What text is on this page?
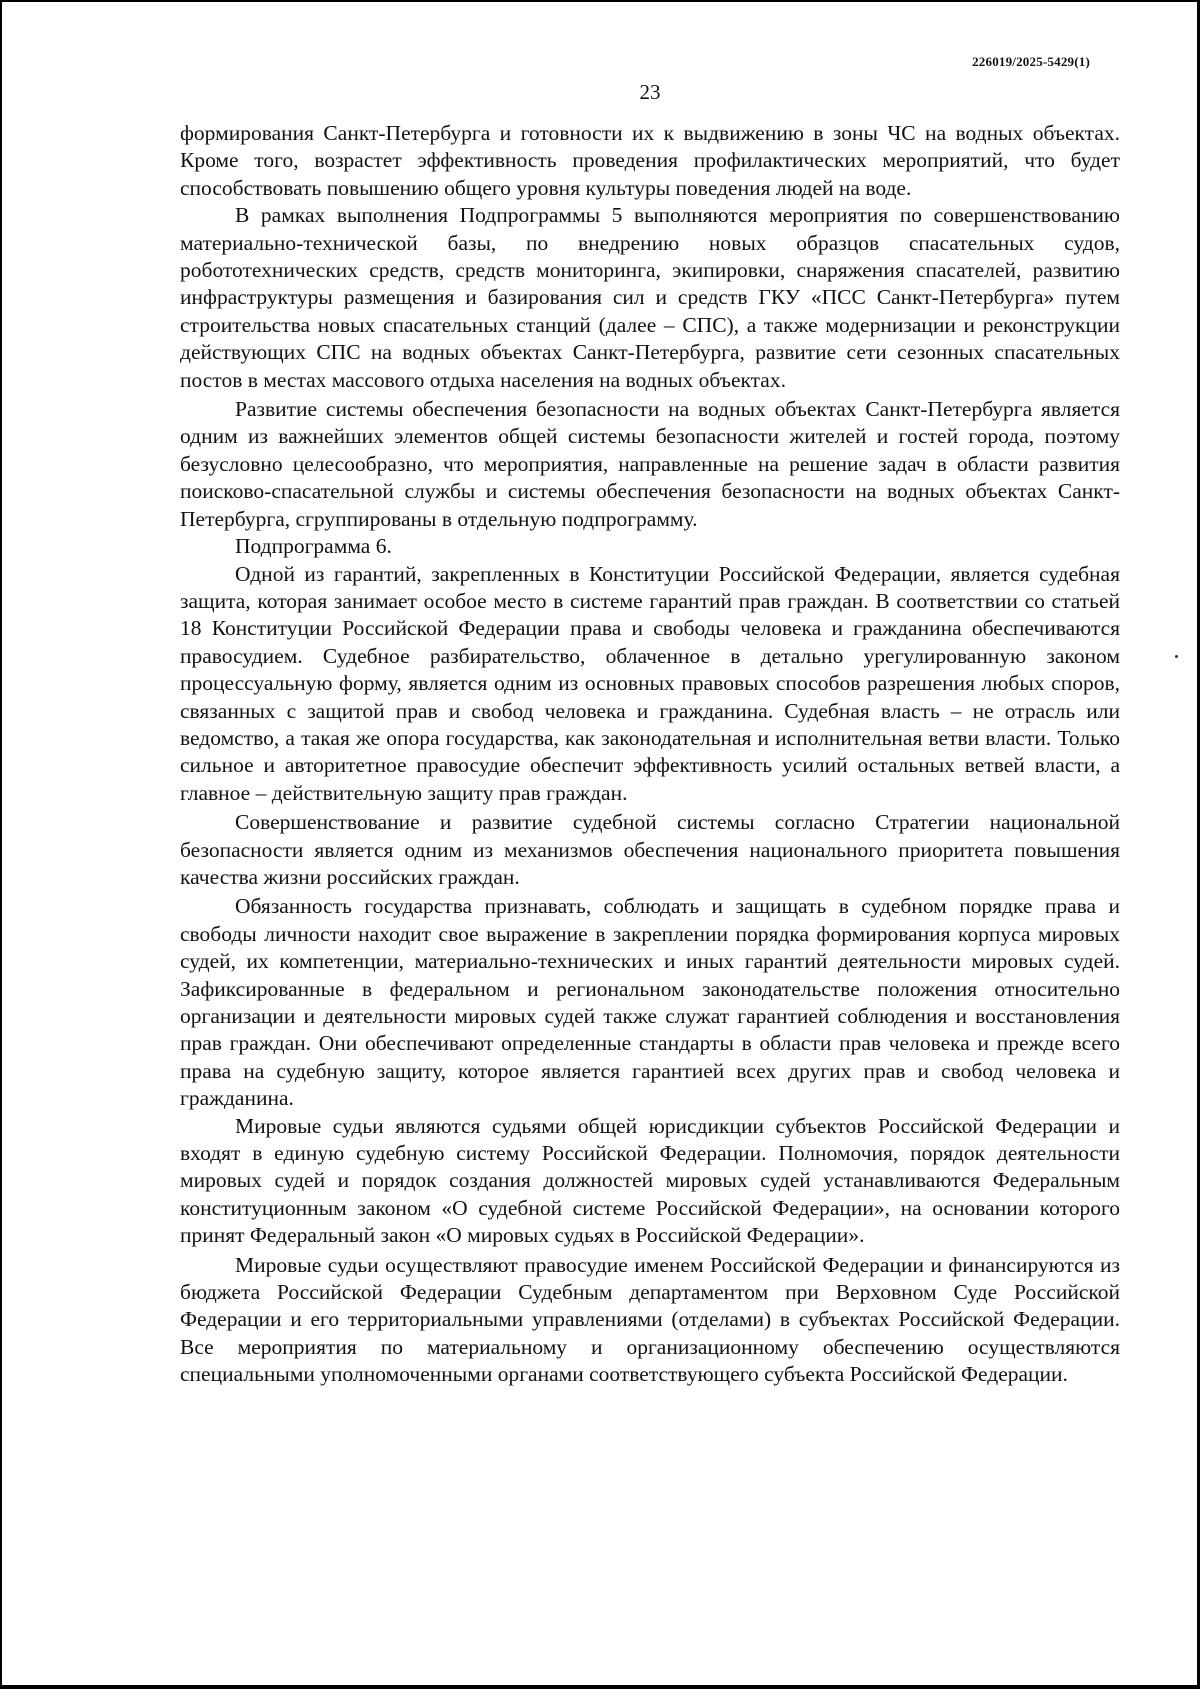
226019/2025-5429(1)
23

формирования Санкт-Петербурга и готовности их к выдвижению в зоны ЧС на водных объектах. Кроме того, возрастет эффективность проведения профилактических мероприятий, что будет способствовать повышению общего уровня культуры поведения людей на воде.

В рамках выполнения Подпрограммы 5 выполняются мероприятия по совершенствованию материально-технической базы, по внедрению новых образцов спасательных судов, робототехнических средств, средств мониторинга, экипировки, снаряжения спасателей, развитию инфраструктуры размещения и базирования сил и средств ГКУ «ПСС Санкт-Петербурга» путем строительства новых спасательных станций (далее – СПС), а также модернизации и реконструкции действующих СПС на водных объектах Санкт-Петербурга, развитие сети сезонных спасательных постов в местах массового отдыха населения на водных объектах.

Развитие системы обеспечения безопасности на водных объектах Санкт-Петербурга является одним из важнейших элементов общей системы безопасности жителей и гостей города, поэтому безусловно целесообразно, что мероприятия, направленные на решение задач в области развития поисково-спасательной службы и системы обеспечения безопасности на водных объектах Санкт-Петербурга, сгруппированы в отдельную подпрограмму.

Подпрограмма 6.

Одной из гарантий, закрепленных в Конституции Российской Федерации, является судебная защита, которая занимает особое место в системе гарантий прав граждан. В соответствии со статьей 18 Конституции Российской Федерации права и свободы человека и гражданина обеспечиваются правосудием. Судебное разбирательство, облаченное в детально урегулированную законом процессуальную форму, является одним из основных правовых способов разрешения любых споров, связанных с защитой прав и свобод человека и гражданина. Судебная власть – не отрасль или ведомство, а такая же опора государства, как законодательная и исполнительная ветви власти. Только сильное и авторитетное правосудие обеспечит эффективность усилий остальных ветвей власти, а главное – действительную защиту прав граждан.

Совершенствование и развитие судебной системы согласно Стратегии национальной безопасности является одним из механизмов обеспечения национального приоритета повышения качества жизни российских граждан.

Обязанность государства признавать, соблюдать и защищать в судебном порядке права и свободы личности находит свое выражение в закреплении порядка формирования корпуса мировых судей, их компетенции, материально-технических и иных гарантий деятельности мировых судей. Зафиксированные в федеральном и региональном законодательстве положения относительно организации и деятельности мировых судей также служат гарантией соблюдения и восстановления прав граждан. Они обеспечивают определенные стандарты в области прав человека и прежде всего права на судебную защиту, которое является гарантией всех других прав и свобод человека и гражданина.

Мировые судьи являются судьями общей юрисдикции субъектов Российской Федерации и входят в единую судебную систему Российской Федерации. Полномочия, порядок деятельности мировых судей и порядок создания должностей мировых судей устанавливаются Федеральным конституционным законом «О судебной системе Российской Федерации», на основании которого принят Федеральный закон «О мировых судьях в Российской Федерации».

Мировые судьи осуществляют правосудие именем Российской Федерации и финансируются из бюджета Российской Федерации Судебным департаментом при Верховном Суде Российской Федерации и его территориальными управлениями (отделами) в субъектах Российской Федерации. Все мероприятия по материальному и организационному обеспечению осуществляются специальными уполномоченными органами соответствующего субъекта Российской Федерации.
